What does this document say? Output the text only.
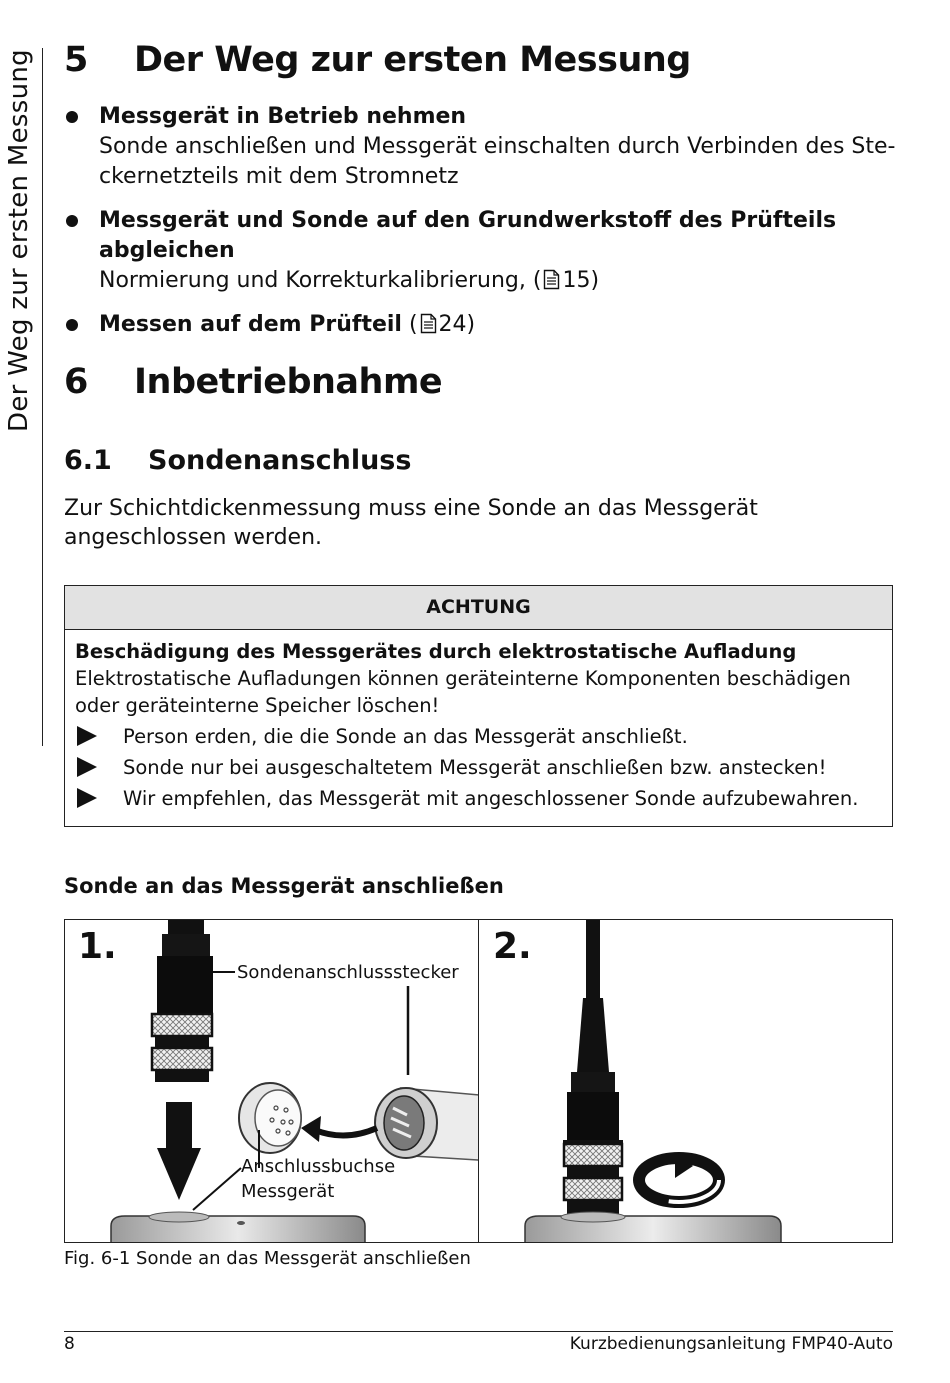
Der Weg zur ersten Messung 5 Der Weg zur ersten Messung
Messgerät in Betrieb nehmen
Sonde anschließen und Messgerät einschalten durch Verbinden des Ste-ckernetzteils mit dem Stromnetz
Messgerät und Sonde auf den Grundwerkstoff des Prüfteils abgleichen
Normierung und Korrekturkalibrierung, ( 15)
Messen auf dem Prüfteil ( 24)
6 Inbetriebnahme
6.1 Sondenanschluss

Zur Schichtdickenmessung muss eine Sonde an das Messgerät angeschlossen werden.

ACHTUNG
Beschädigung des Messgerätes durch elektrostatische Aufladung
Elektrostatische Aufladungen können geräteinterne Komponenten beschädigen oder geräteinterne Speicher löschen!
Person erden, die die Sonde an das Messgerät anschließt.
Sonde nur bei ausgeschaltetem Messgerät anschließen bzw. anstecken!
Wir empfehlen, das Messgerät mit angeschlossener Sonde aufzubewahren.
Sonde an das Messgerät anschließen
1.
Sondenanschlussstecker
Anschlussbuchse
Messgerät
2.

Fig. 6-1 Sonde an das Messgerät anschließen

8	Kurzbedienungsanleitung FMP40-Auto
